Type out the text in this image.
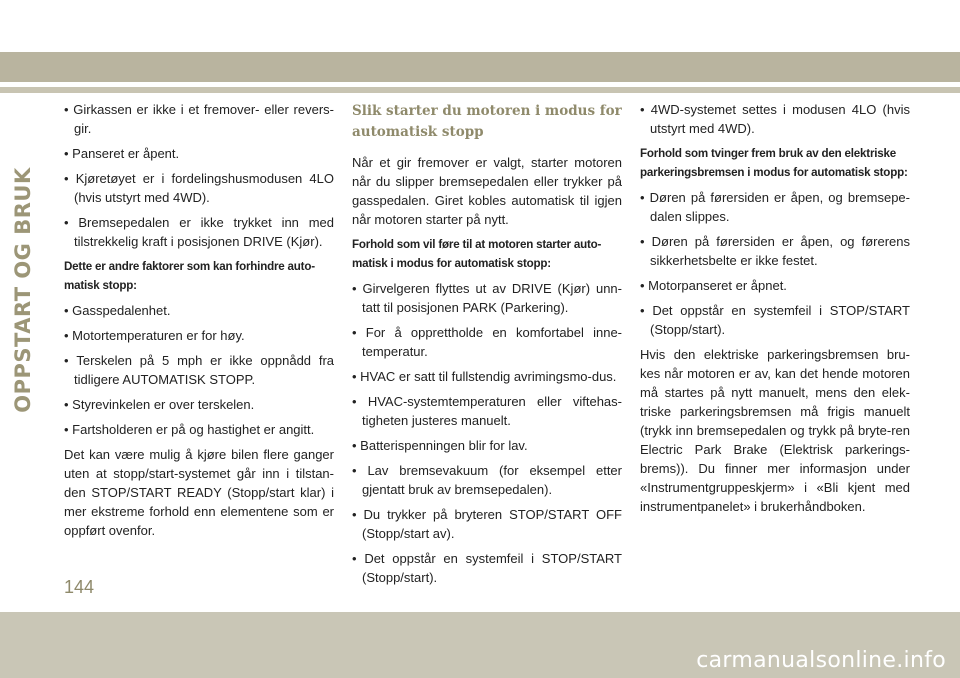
OPPSTART OG BRUK

• Girkassen er ikke i et fremover- eller revers-gir.

• Panseret er åpent.

• Kjøretøyet er i fordelingshusmodusen 4LO (hvis utstyrt med 4WD).

• Bremsepedalen er ikke trykket inn med tilstrekkelig kraft i posisjonen DRIVE (Kjør).

Dette er andre faktorer som kan forhindre auto-matisk stopp:

• Gasspedalenhet.

• Motortemperaturen er for høy.

• Terskelen på 5 mph er ikke oppnådd fra tidligere AUTOMATISK STOPP.

• Styrevinkelen er over terskelen.

• Fartsholderen er på og hastighet er angitt.

Det kan være mulig å kjøre bilen flere ganger uten at stopp/start-systemet går inn i tilstan-den STOP/START READY (Stopp/start klar) i mer ekstreme forhold enn elementene som er oppført ovenfor.

Slik starter du motoren i modus for automatisk stopp

Når et gir fremover er valgt, starter motoren når du slipper bremsepedalen eller trykker på gasspedalen. Giret kobles automatisk til igjen når motoren starter på nytt.

Forhold som vil føre til at motoren starter auto-matisk i modus for automatisk stopp:

• Girvelgeren flyttes ut av DRIVE (Kjør) unn-tatt til posisjonen PARK (Parkering).

• For å opprettholde en komfortabel inne-temperatur.

• HVAC er satt til fullstendig avrimingsmo-dus.

• HVAC-systemtemperaturen eller viftehas-tigheten justeres manuelt.

• Batterispenningen blir for lav.

• Lav bremsevakuum (for eksempel etter gjentatt bruk av bremsepedalen).

• Du trykker på bryteren STOP/START OFF (Stopp/start av).

• Det oppstår en systemfeil i STOP/START (Stopp/start).

• 4WD-systemet settes i modusen 4LO (hvis utstyrt med 4WD).

Forhold som tvinger frem bruk av den elektriske parkeringsbremsen i modus for automatisk stopp:

• Døren på førersiden er åpen, og bremsepe-dalen slippes.

• Døren på førersiden er åpen, og førerens sikkerhetsbelte er ikke festet.

• Motorpanseret er åpnet.

• Det oppstår en systemfeil i STOP/START (Stopp/start).

Hvis den elektriske parkeringsbremsen bru-kes når motoren er av, kan det hende motoren må startes på nytt manuelt, mens den elek-triske parkeringsbremsen må frigis manuelt (trykk inn bremsepedalen og trykk på bryte-ren Electric Park Brake (Elektrisk parkerings-brems)). Du finner mer informasjon under «Instrumentgruppeskjerm» i «Bli kjent med instrumentpanelet» i brukerhåndboken.

144
carmanualsonline.info
